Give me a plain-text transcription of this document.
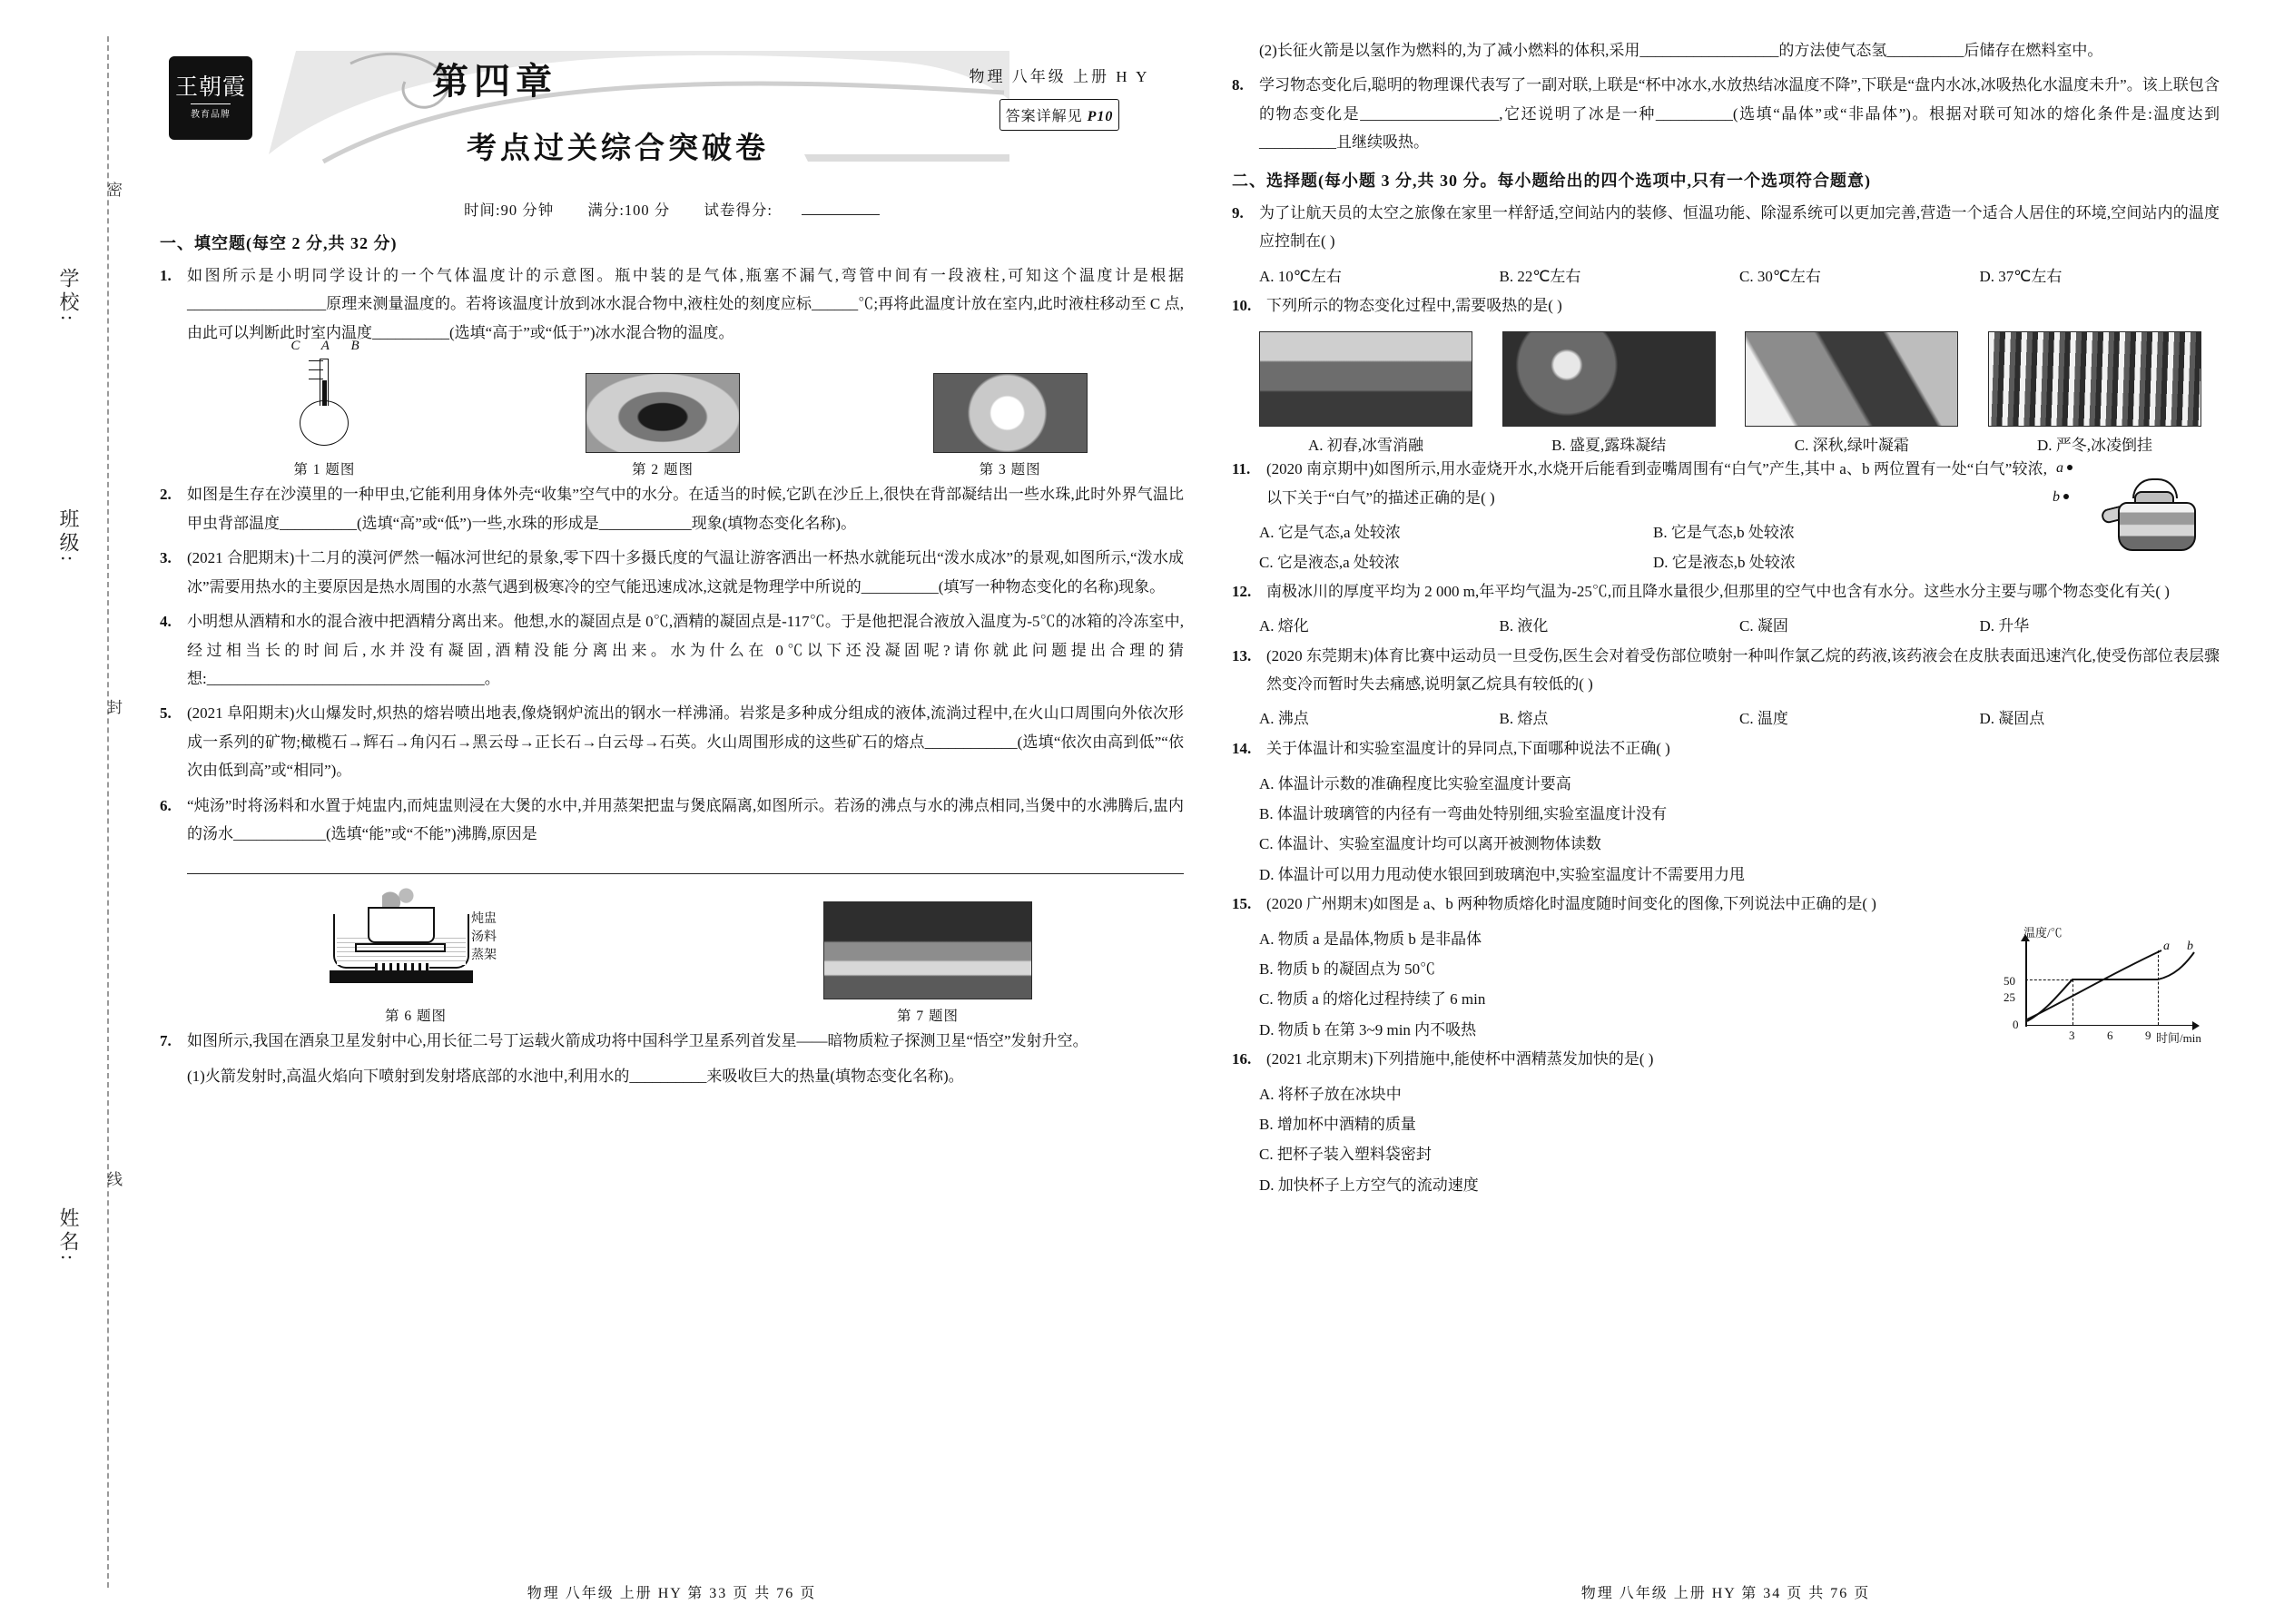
学校:
班级:
姓名:
密
封
线
王朝霞
教育品牌
第四章
考点过关综合突破卷
物理 八年级 上册 H Y
答案详解见 P10
时间:90 分钟 满分:100 分 试卷得分:
一、填空题(每空 2 分,共 32 分)
1.	如图所示是小明同学设计的一个气体温度计的示意图。瓶中装的是气体,瓶塞不漏气,弯管中间有一段液柱,可知这个温度计是根据__________________原理来测量温度的。若将该温度计放到冰水混合物中,液柱处的刻度应标______℃;再将此温度计放在室内,此时液柱移动至 C 点,由此可以判断此时室内温度__________(选填“高于”或“低于”)冰水混合物的温度。
C A B
第 1 题图	第 2 题图	第 3 题图
2.	如图是生存在沙漠里的一种甲虫,它能利用身体外壳“收集”空气中的水分。在适当的时候,它趴在沙丘上,很快在背部凝结出一些水珠,此时外界气温比甲虫背部温度__________(选填“高”或“低”)一些,水珠的形成是____________现象(填物态变化名称)。
3.	(2021 合肥期末)十二月的漠河俨然一幅冰河世纪的景象,零下四十多摄氏度的气温让游客洒出一杯热水就能玩出“泼水成冰”的景观,如图所示,“泼水成冰”需要用热水的主要原因是热水周围的水蒸气遇到极寒冷的空气能迅速成冰,这就是物理学中所说的__________(填写一种物态变化的名称)现象。
4.	小明想从酒精和水的混合液中把酒精分离出来。他想,水的凝固点是 0℃,酒精的凝固点是-117℃。于是他把混合液放入温度为-5℃的冰箱的冷冻室中,经过相当长的时间后,水并没有凝固,酒精没能分离出来。水为什么在 0℃以下还没凝固呢?请你就此问题提出合理的猜想:____________________________________。
5.	(2021 阜阳期末)火山爆发时,炽热的熔岩喷出地表,像烧钢炉流出的钢水一样沸涌。岩浆是多种成分组成的液体,流淌过程中,在火山口周围向外依次形成一系列的矿物;橄榄石→辉石→角闪石→黑云母→正长石→白云母→石英。火山周围形成的这些矿石的熔点____________(选填“依次由高到低”“依次由低到高”或“相同”)。
6.	“炖汤”时将汤料和水置于炖盅内,而炖盅则浸在大煲的水中,并用蒸架把盅与煲底隔离,如图所示。若汤的沸点与水的沸点相同,当煲中的水沸腾后,盅内的汤水____________(选填“能”或“不能”)沸腾,原因是
炖盅
汤料
蒸架
第 6 题图	第 7 题图
7.	如图所示,我国在酒泉卫星发射中心,用长征二号丁运载火箭成功将中国科学卫星系列首发星——暗物质粒子探测卫星“悟空”发射升空。
(1)火箭发射时,高温火焰向下喷射到发射塔底部的水池中,利用水的__________来吸收巨大的热量(填物态变化名称)。
物理 八年级 上册 HY 第 33 页 共 76 页
(2)长征火箭是以氢作为燃料的,为了减小燃料的体积,采用__________________的方法使气态氢__________后储存在燃料室中。
8.	学习物态变化后,聪明的物理课代表写了一副对联,上联是“杯中冰水,水放热结冰温度不降”,下联是“盘内水冰,冰吸热化水温度未升”。该上联包含的物态变化是__________________,它还说明了冰是一种__________(选填“晶体”或“非晶体”)。根据对联可知冰的熔化条件是:温度达到__________且继续吸热。
二、选择题(每小题 3 分,共 30 分。每小题给出的四个选项中,只有一个选项符合题意)
9.	为了让航天员的太空之旅像在家里一样舒适,空间站内的装修、恒温功能、除湿系统可以更加完善,营造一个适合人居住的环境,空间站内的温度应控制在( )
A. 10℃左右	B. 22℃左右	C. 30℃左右	D. 37℃左右
10. 下列所示的物态变化过程中,需要吸热的是( )
A. 初春,冰雪消融	B. 盛夏,露珠凝结	C. 深秋,绿叶凝霜	D. 严冬,冰凌倒挂
11.	(2020 南京期中)如图所示,用水壶烧开水,水烧开后能看到壶嘴周围有“白气”产生,其中 a、b 两位置有一处“白气”较浓,以下关于“白气”的描述正确的是( )
A. 它是气态,a 处较浓	B. 它是气态,b 处较浓
C. 它是液态,a 处较浓	D. 它是液态,b 处较浓
a
b
12. 南极冰川的厚度平均为 2 000 m,年平均气温为-25℃,而且降水量很少,但那里的空气中也含有水分。这些水分主要与哪个物态变化有关( )
A. 熔化	B. 液化	C. 凝固	D. 升华
13. (2020 东莞期末)体育比赛中运动员一旦受伤,医生会对着受伤部位喷射一种叫作氯乙烷的药液,该药液会在皮肤表面迅速汽化,使受伤部位表层骤然变冷而暂时失去痛感,说明氯乙烷具有较低的( )
A. 沸点	B. 熔点	C. 温度	D. 凝固点
14. 关于体温计和实验室温度计的异同点,下面哪种说法不正确( )
A. 体温计示数的准确程度比实验室温度计要高
B. 体温计玻璃管的内径有一弯曲处特别细,实验室温度计没有
C. 体温计、实验室温度计均可以离开被测物体读数
D. 体温计可以用力甩动使水银回到玻璃泡中,实验室温度计不需要用力甩
15. (2020 广州期末)如图是 a、b 两种物质熔化时温度随时间变化的图像,下列说法中正确的是( )
A. 物质 a 是晶体,物质 b 是非晶体
B. 物质 b 的凝固点为 50℃
C. 物质 a 的熔化过程持续了 6 min
D. 物质 b 在第 3~9 min 内不吸热
温度/℃
时间/min
50
25
0
3	6	9
a b
16. (2021 北京期末)下列措施中,能使杯中酒精蒸发加快的是( )
A. 将杯子放在冰块中
B. 增加杯中酒精的质量
C. 把杯子装入塑料袋密封
D. 加快杯子上方空气的流动速度
物理 八年级 上册 HY 第 34 页 共 76 页
